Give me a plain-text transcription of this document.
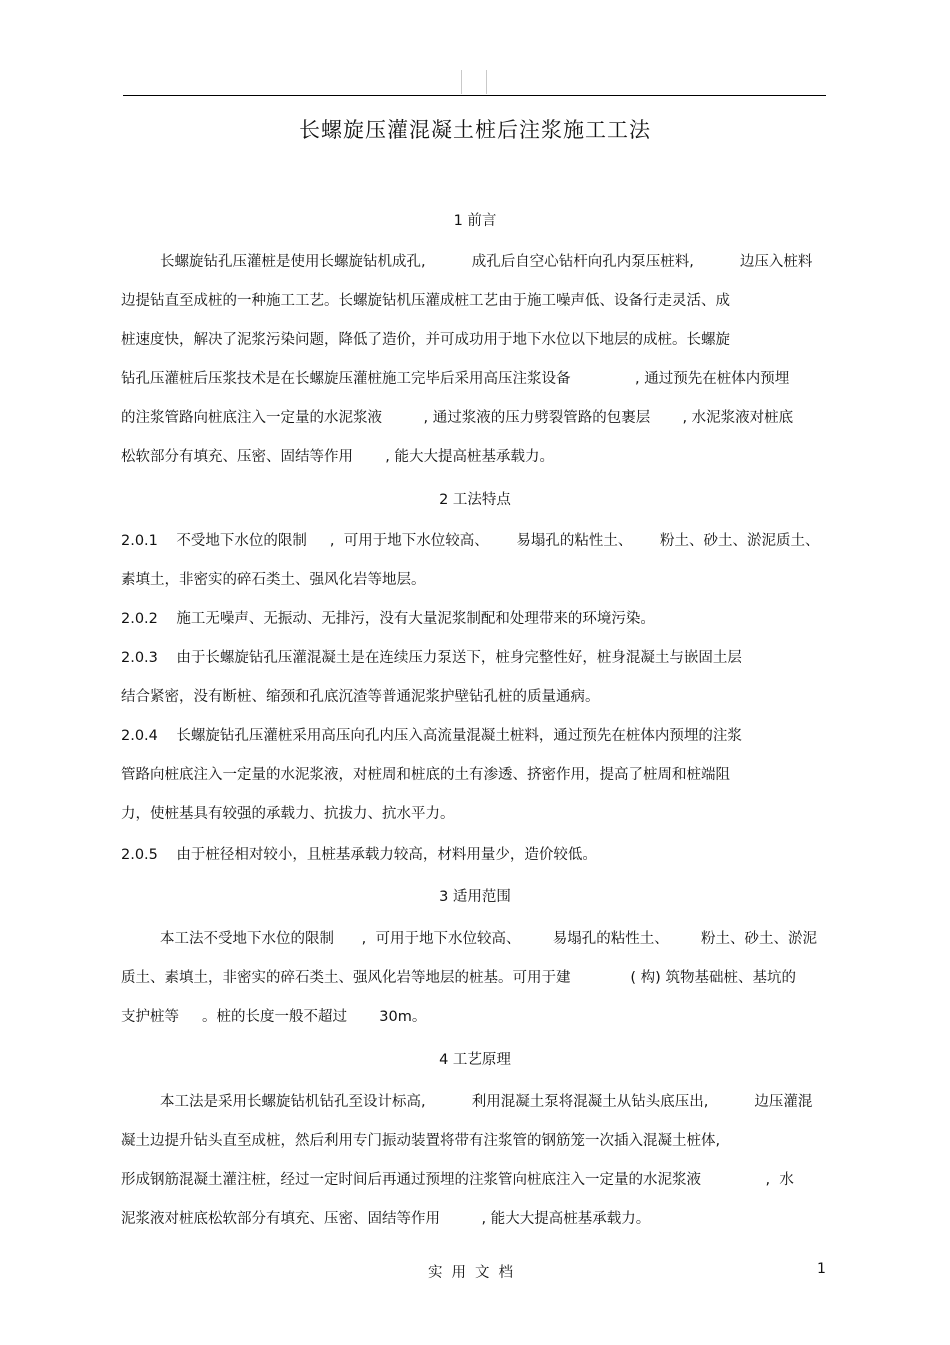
长螺旋压灌混凝土桩后注浆施工工法
1 前言
长螺旋钻孔压灌桩是使用长螺旋钻机成孔,          成孔后自空心钻杆向孔内泵压桩料,          边压入桩料
边提钻直至成桩的一种施工工艺。长螺旋钻机压灌成桩工艺由于施工噪声低、设备行走灵活、成
桩速度快，解决了泥浆污染问题，降低了造价，并可成功用于地下水位以下地层的成桩。长螺旋
钻孔压灌桩后压浆技术是在长螺旋压灌桩施工完毕后采用高压注浆设备              , 通过预先在桩体内预埋
的注浆管路向桩底注入一定量的水泥浆液         , 通过浆液的压力劈裂管路的包裹层       , 水泥浆液对桩底
松软部分有填充、压密、固结等作用       , 能大大提高桩基承载力。
2 工法特点
2.0.1    不受地下水位的限制     ,  可用于地下水位较高、      易塌孔的粘性土、      粉土、砂土、淤泥质土、
素填土，非密实的碎石类土、强风化岩等地层。
2.0.2    施工无噪声、无振动、无排污，没有大量泥浆制配和处理带来的环境污染。
2.0.3    由于长螺旋钻孔压灌混凝土是在连续压力泵送下，桩身完整性好，桩身混凝土与嵌固土层
结合紧密，没有断桩、缩颈和孔底沉渣等普通泥浆护壁钻孔桩的质量通病。
2.0.4    长螺旋钻孔压灌桩采用高压向孔内压入高流量混凝土桩料，通过预先在桩体内预埋的注浆
管路向桩底注入一定量的水泥浆液，对桩周和桩底的土有渗透、挤密作用，提高了桩周和桩端阻
力，使桩基具有较强的承载力、抗拔力、抗水平力。
2.0.5    由于桩径相对较小，且桩基承载力较高，材料用量少，造价较低。
3 适用范围
本工法不受地下水位的限制      ,  可用于地下水位较高、       易塌孔的粘性土、       粉土、砂土、淤泥
质土、素填土，非密实的碎石类土、强风化岩等地层的桩基。可用于建             ( 构) 筑物基础桩、基坑的
支护桩等     。桩的长度一般不超过       30m。
4 工艺原理
本工法是采用长螺旋钻机钻孔至设计标高,          利用混凝土泵将混凝土从钻头底压出,          边压灌混
凝土边提升钻头直至成桩，然后利用专门振动装置将带有注浆管的钢筋笼一次插入混凝土桩体,
形成钢筋混凝土灌注桩，经过一定时间后再通过预埋的注浆管向桩底注入一定量的水泥浆液              ,  水
泥浆液对桩底松软部分有填充、压密、固结等作用         , 能大大提高桩基承载力。
实用文档	1
